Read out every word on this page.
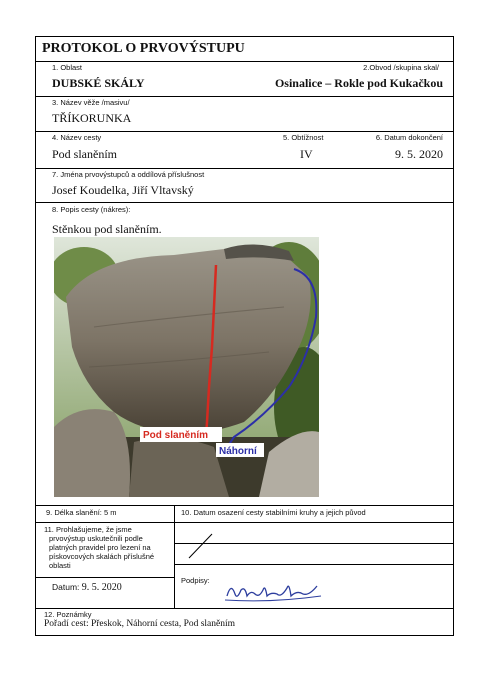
PROTOKOL O PRVOVÝSTUPU
1. Oblast
DUBSKÉ SKÁLY
2.Obvod /skupina skal/
Osinalice – Rokle pod Kukačkou
3. Název věže /masivu/
TŘÍKORUNKA
4. Název cesty
Pod slaněním
5. Obtížnost
IV
6. Datum dokončení
9. 5. 2020
7. Jména prvovýstupců a oddílová příslušnost
Josef Koudelka, Jiří Vltavský
8. Popis cesty (nákres):
Stěnkou pod slaněním.
Pod slaněním
Náhorní
9. Délka slanění: 5 m	10. Datum osazení cesty stabilními kruhy a jejich původ
11. Prohlašujeme, že jsme
prvovýstup uskutečnili podle
platných pravidel pro lezení na
pískovcových skalách příslušné
oblasti
Datum: 9. 5. 2020
Podpisy:
12. Poznámky
Pořadí cest: Přeskok, Náhorní cesta, Pod slaněním
